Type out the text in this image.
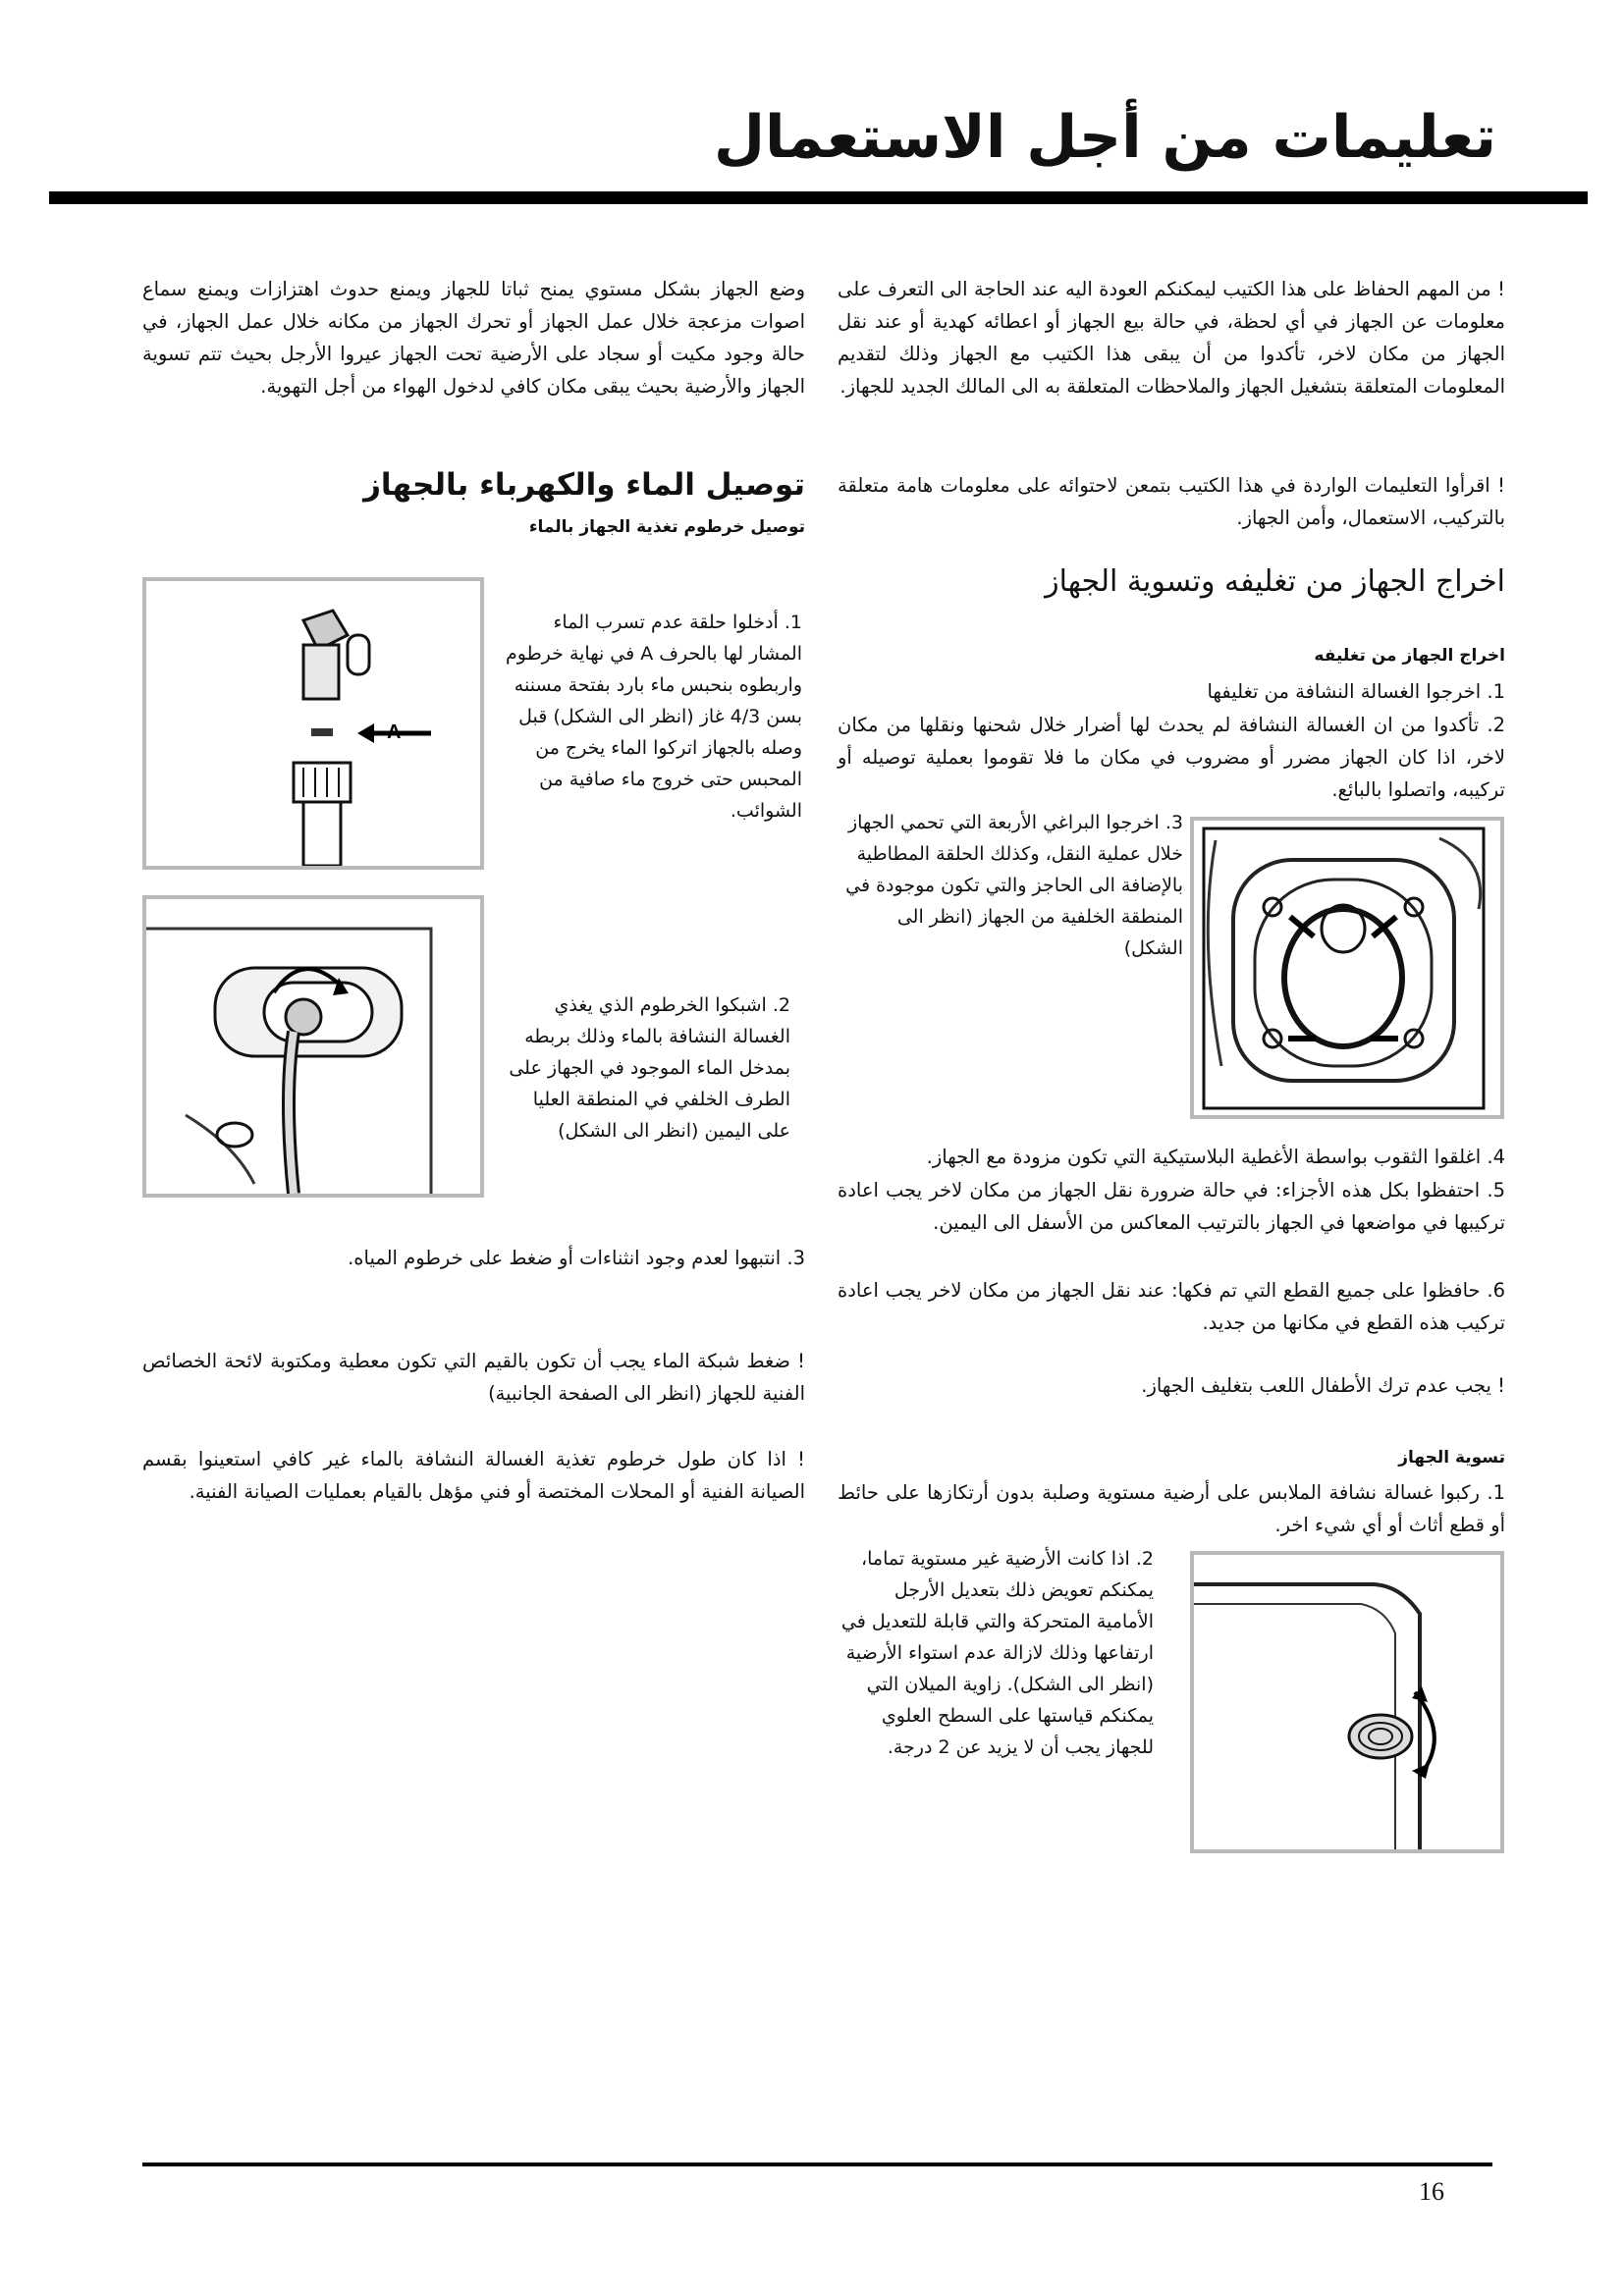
تعليمات من أجل الاستعمال
! من المهم الحفاظ على هذا الكتيب ليمكنكم العودة اليه عند الحاجة الى التعرف على معلومات عن الجهاز في أي لحظة، في حالة بيع الجهاز أو اعطائه كهدية أو عند نقل الجهاز من مكان لاخر، تأكدوا من أن يبقى هذا الكتيب مع الجهاز وذلك لتقديم المعلومات المتعلقة بتشغيل الجهاز والملاحظات المتعلقة به الى المالك الجديد للجهاز.
! اقرأوا التعليمات الواردة في هذا الكتيب بتمعن لاحتوائه على معلومات هامة متعلقة بالتركيب، الاستعمال، وأمن الجهاز.
اخراج الجهاز من تغليفه وتسوية الجهاز
اخراج الجهاز من تغليفه
1. اخرجوا الغسالة النشافة من تغليفها
2. تأكدوا من ان الغسالة النشافة لم يحدث لها أضرار خلال شحنها ونقلها من مكان لاخر، اذا كان الجهاز مضرر أو مضروب في مكان ما فلا تقوموا بعملية توصيله أو تركيبه، واتصلوا بالبائع.
3. اخرجوا البراغي الأربعة التي تحمي الجهاز خلال عملية النقل، وكذلك الحلقة المطاطية بالإضافة الى الحاجز والتي تكون موجودة في المنطقة الخلفية من الجهاز (انظر الى الشكل)
4. اغلقوا الثقوب بواسطة الأغطية البلاستيكية التي تكون مزودة مع الجهاز.
5. احتفظوا بكل هذه الأجزاء: في حالة ضرورة نقل الجهاز من مكان لاخر يجب اعادة تركيبها في مواضعها في الجهاز بالترتيب المعاكس من الأسفل الى اليمين.
6. حافظوا على جميع القطع التي تم فكها: عند نقل الجهاز من مكان لاخر يجب اعادة تركيب هذه القطع في مكانها من جديد.
! يجب عدم ترك الأطفال اللعب بتغليف الجهاز.
تسوية الجهاز
1. ركبوا غسالة نشافة الملابس على أرضية مستوية وصلبة بدون أرتكازها على حائط أو قطع أثاث أو أي شيء اخر.
2. اذا كانت الأرضية غير مستوية تماما، يمكنكم تعويض ذلك بتعديل الأرجل الأمامية المتحركة والتي قابلة للتعديل في ارتفاعها وذلك لازالة عدم استواء الأرضية (انظر الى الشكل). زاوية الميلان التي يمكنكم قياستها على السطح العلوي للجهاز يجب أن لا يزيد عن 2 درجة.
وضع الجهاز بشكل مستوي يمنح ثباتا للجهاز ويمنع حدوث اهتزازات ويمنع سماع اصوات مزعجة خلال عمل الجهاز أو تحرك الجهاز من مكانه خلال عمل الجهاز، في حالة وجود مكيت أو سجاد على الأرضية تحت الجهاز عيروا الأرجل بحيث تتم تسوية الجهاز والأرضية بحيث يبقى مكان كافي لدخول الهواء من أجل التهوية.
توصيل الماء والكهرباء بالجهاز
توصيل خرطوم تغذية الجهاز بالماء
1. أدخلوا حلقة عدم تسرب الماء المشار لها بالحرف A في نهاية خرطوم واربطوه بنحبس ماء بارد بفتحة مسننه بسن 4/3 غاز (انظر الى الشكل) قبل وصله بالجهاز اتركوا الماء يخرج من المحبس حتى خروج ماء صافية من الشوائب.
A
2. اشبكوا الخرطوم الذي يغذي الغسالة النشافة بالماء وذلك بربطه بمدخل الماء الموجود في الجهاز على الطرف الخلفي في المنطقة العليا على اليمين (انظر الى الشكل)
3. انتبهوا لعدم وجود انثناءات أو ضغط على خرطوم المياه.
! ضغط شبكة الماء يجب أن تكون بالقيم التي تكون معطية ومكتوبة لائحة الخصائص الفنية للجهاز (انظر الى الصفحة الجانبية)
! اذا كان طول خرطوم تغذية الغسالة النشافة بالماء غير كافي استعينوا بقسم الصيانة الفنية أو المحلات المختصة أو فني مؤهل بالقيام بعمليات الصيانة الفنية.
16
